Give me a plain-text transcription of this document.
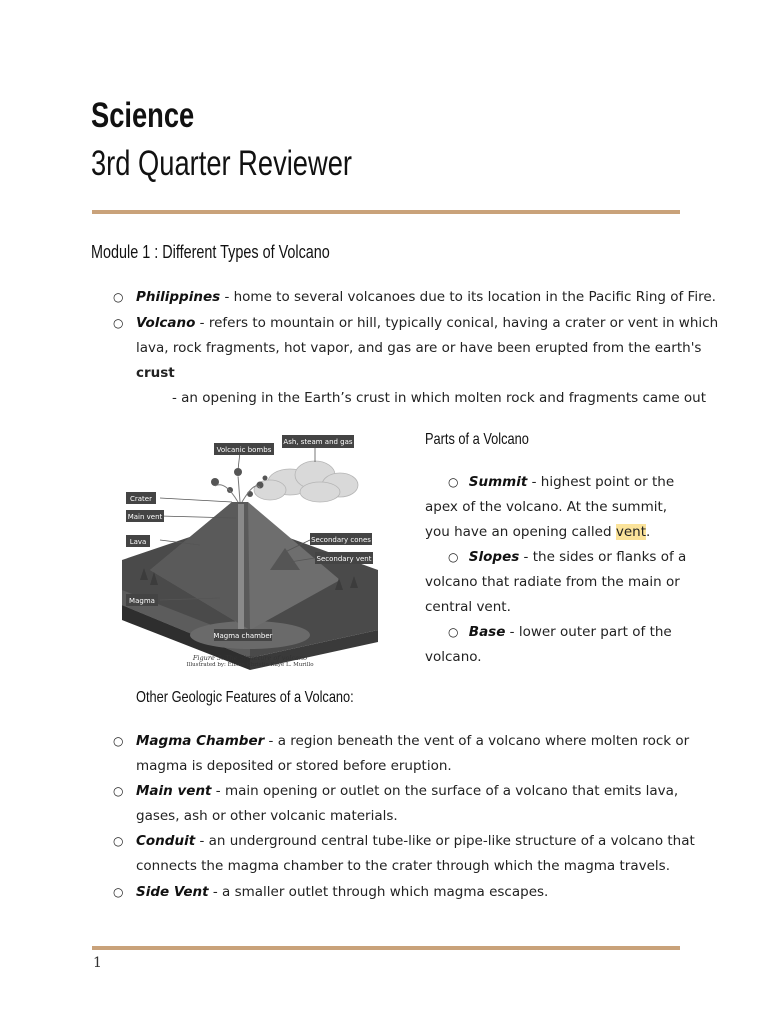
Science
3rd Quarter Reviewer
Module 1 : Different Types of Volcano
○ Philippines - home to several volcanoes due to its location in the Pacific Ring of Fire.
○ Volcano - refers to mountain or hill, typically conical, having a crater or vent in which
lava, rock fragments, hot vapor, and gas are or have been erupted from the earth's
crust
- an opening in the Earth’s crust in which molten rock and fragments came out
Volcanic bombs
Ash, steam and gas
Crater
Main vent
Lava	Secondary cones
Secondary vent
Magma
Magma chamber
Figure 3. The Structure of volcano
Illustrated by: Elison Christie Kaye L. Murillo
Parts of a Volcano
○ Summit - highest point or the
apex of the volcano. At the summit,
you have an opening called vent.
○ Slopes - the sides or flanks of a
volcano that radiate from the main or
central vent.
○ Base - lower outer part of the
volcano.
Other Geologic Features of a Volcano:
○ Magma Chamber - a region beneath the vent of a volcano where molten rock or
magma is deposited or stored before eruption.
○ Main vent - main opening or outlet on the surface of a volcano that emits lava,
gases, ash or other volcanic materials.
○ Conduit - an underground central tube-like or pipe-like structure of a volcano that
connects the magma chamber to the crater through which the magma travels.
○ Side Vent - a smaller outlet through which magma escapes.
1
